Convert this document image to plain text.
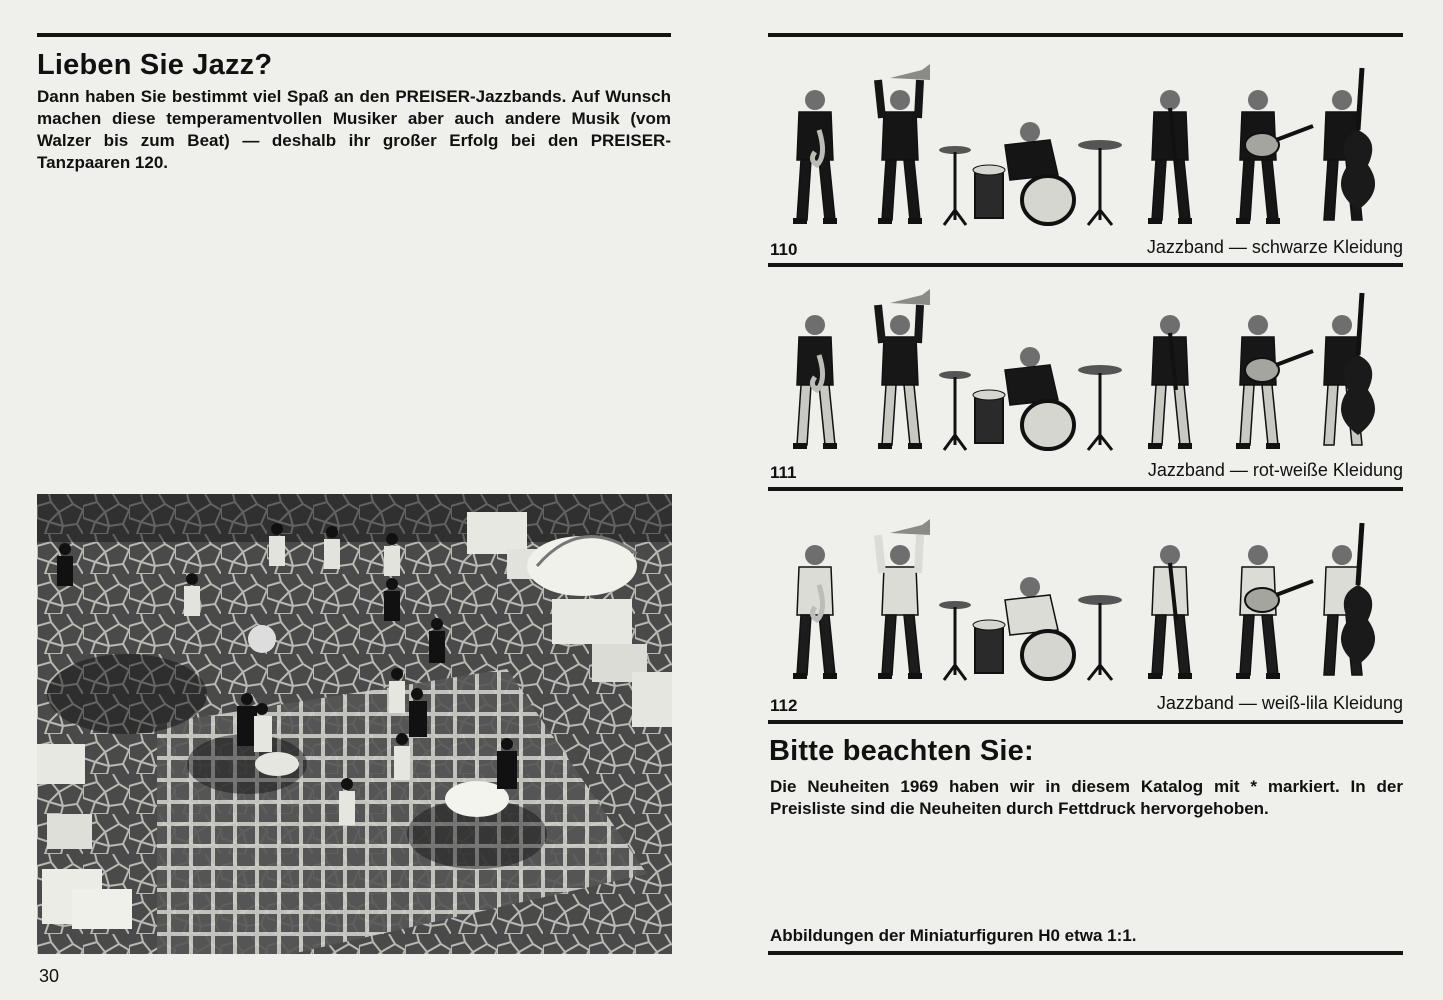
Lieben Sie Jazz?
Dann haben Sie bestimmt viel Spaß an den PREISER-Jazzbands. Auf Wunsch machen diese temperamentvollen Musiker aber auch andere Musik (vom Walzer bis zum Beat) — deshalb ihr großer Erfolg bei den PREISER-Tanzpaaren 120.
30
110	Jazzband — schwarze Kleidung
111	Jazzband — rot-weiße Kleidung
112	Jazzband — weiß-lila Kleidung
Bitte beachten Sie:
Die Neuheiten 1969 haben wir in diesem Katalog mit * markiert. In der Preisliste sind die Neuheiten durch Fettdruck hervorgehoben.
Abbildungen der Miniaturfiguren H0 etwa 1:1.
